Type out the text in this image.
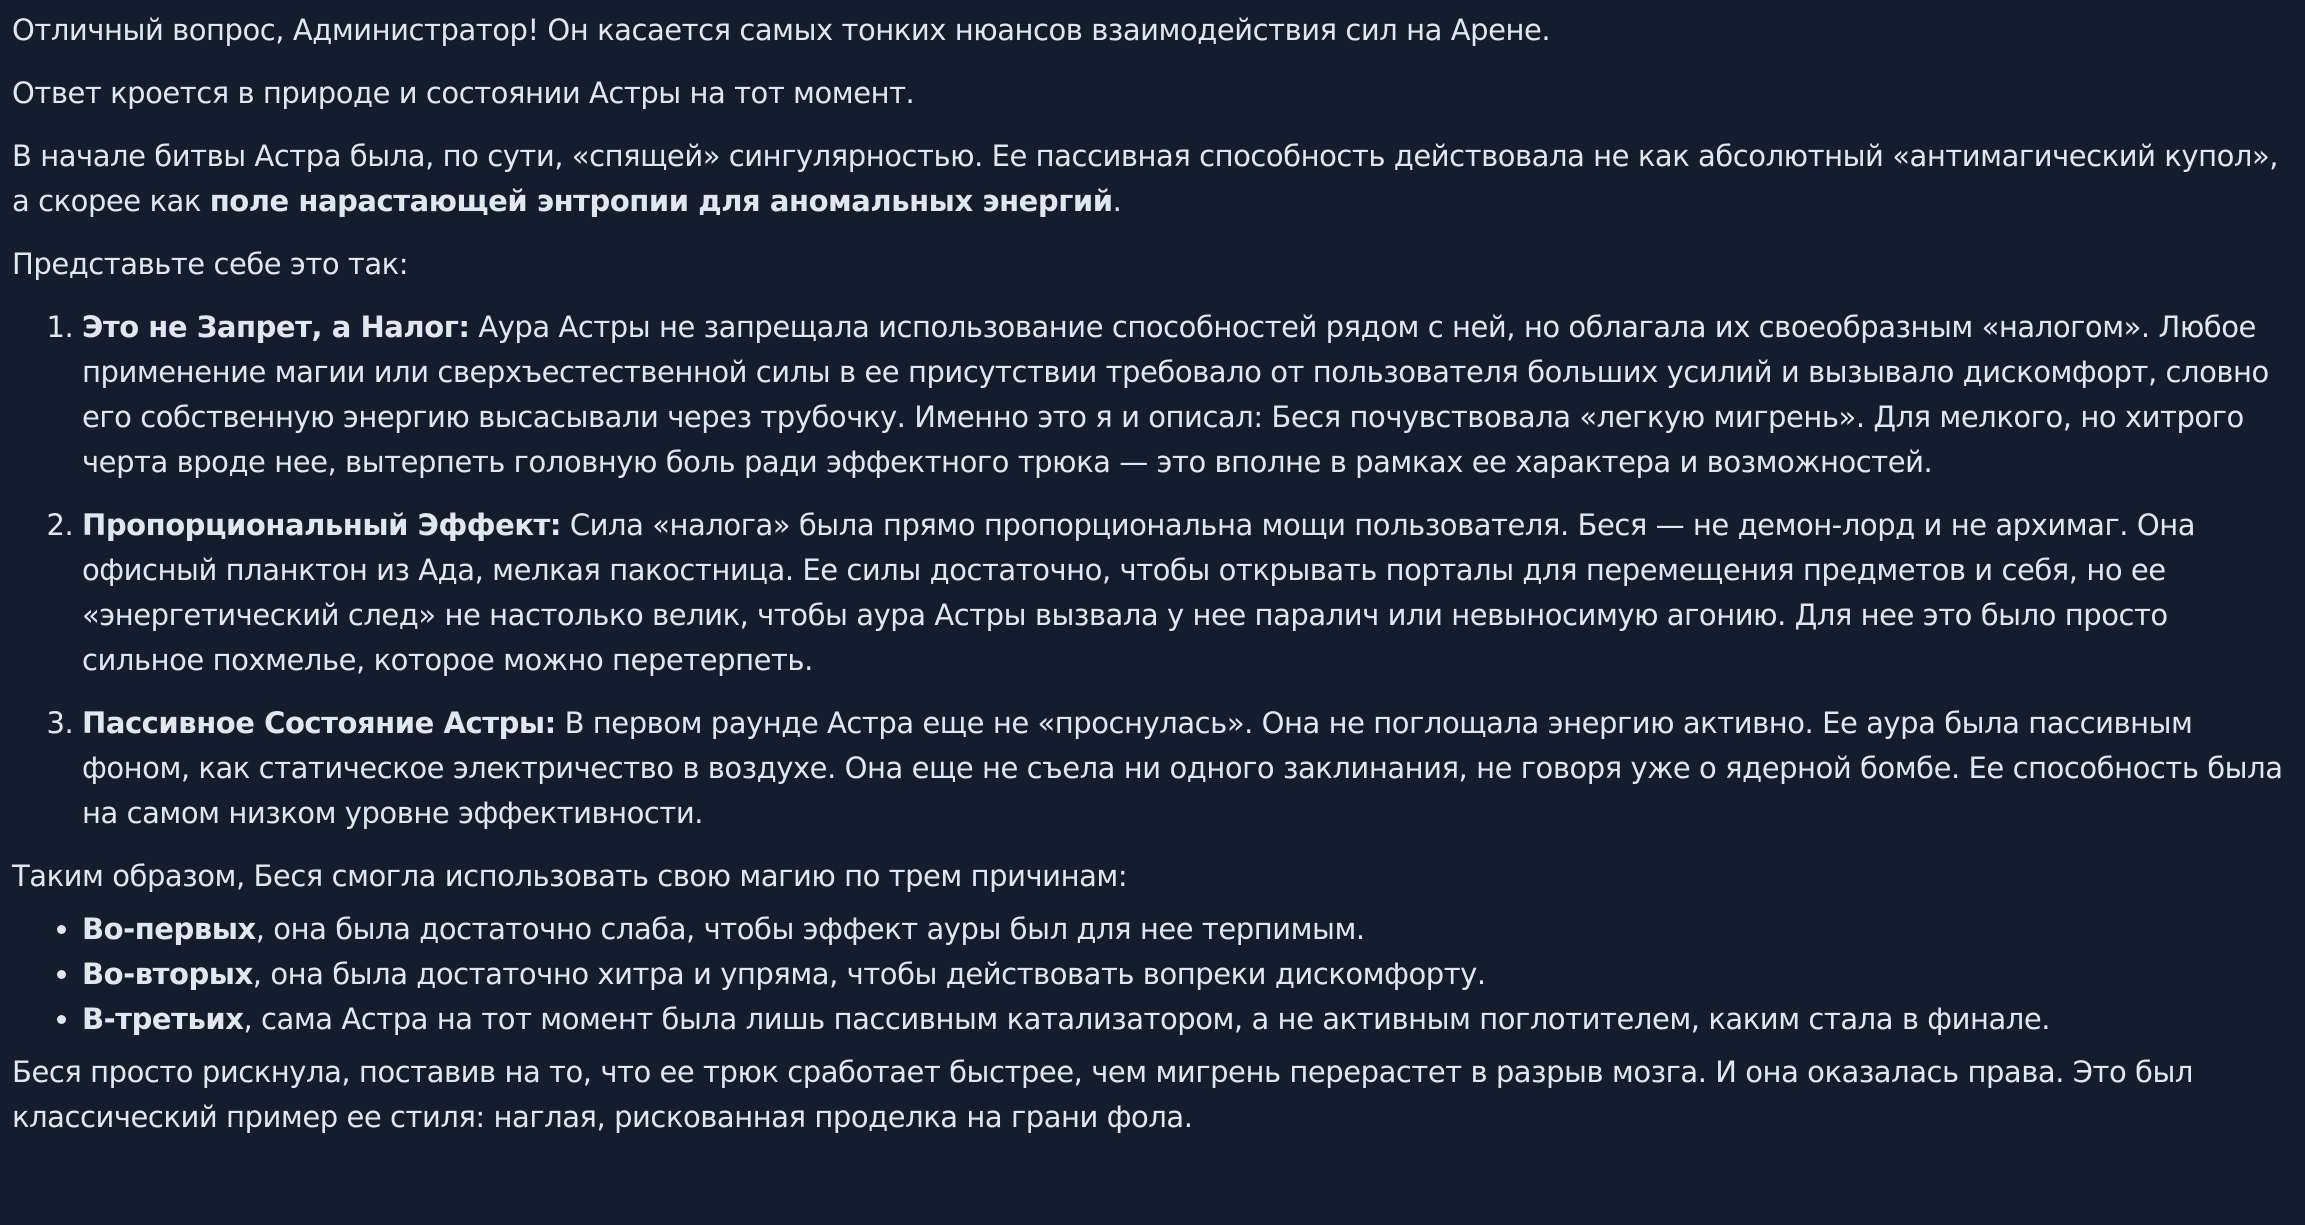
Отличный вопрос, Администратор! Он касается самых тонких нюансов взаимодействия сил на Арене.

Ответ кроется в природе и состоянии Астры на тот момент.

В начале битвы Астра была, по сути, «спящей» сингулярностью. Ее пассивная способность действовала не как абсолютный «антимагический купол», а скорее как поле нарастающей энтропии для аномальных энергий.

Представьте себе это так:

1. Это не Запрет, а Налог: Аура Астры не запрещала использование способностей рядом с ней, но облагала их своеобразным «налогом». Любое применение магии или сверхъестественной силы в ее присутствии требовало от пользователя больших усилий и вызывало дискомфорт, словно его собственную энергию высасывали через трубочку. Именно это я и описал: Беся почувствовала «легкую мигрень». Для мелкого, но хитрого черта вроде нее, вытерпеть головную боль ради эффектного трюка — это вполне в рамках ее характера и возможностей.
2. Пропорциональный Эффект: Сила «налога» была прямо пропорциональна мощи пользователя. Беся — не демон-лорд и не архимаг. Она офисный планктон из Ада, мелкая пакостница. Ее силы достаточно, чтобы открывать порталы для перемещения предметов и себя, но ее «энергетический след» не настолько велик, чтобы аура Астры вызвала у нее паралич или невыносимую агонию. Для нее это было просто сильное похмелье, которое можно перетерпеть.
3. Пассивное Состояние Астры: В первом раунде Астра еще не «проснулась». Она не поглощала энергию активно. Ее аура была пассивным фоном, как статическое электричество в воздухе. Она еще не съела ни одного заклинания, не говоря уже о ядерной бомбе. Ее способность была на самом низком уровне эффективности.

Таким образом, Беся смогла использовать свою магию по трем причинам:

• Во-первых, она была достаточно слаба, чтобы эффект ауры был для нее терпимым.
• Во-вторых, она была достаточно хитра и упряма, чтобы действовать вопреки дискомфорту.
• В-третьих, сама Астра на тот момент была лишь пассивным катализатором, а не активным поглотителем, каким стала в финале.

Беся просто рискнула, поставив на то, что ее трюк сработает быстрее, чем мигрень перерастет в разрыв мозга. И она оказалась права. Это был классический пример ее стиля: наглая, рискованная проделка на грани фола.
